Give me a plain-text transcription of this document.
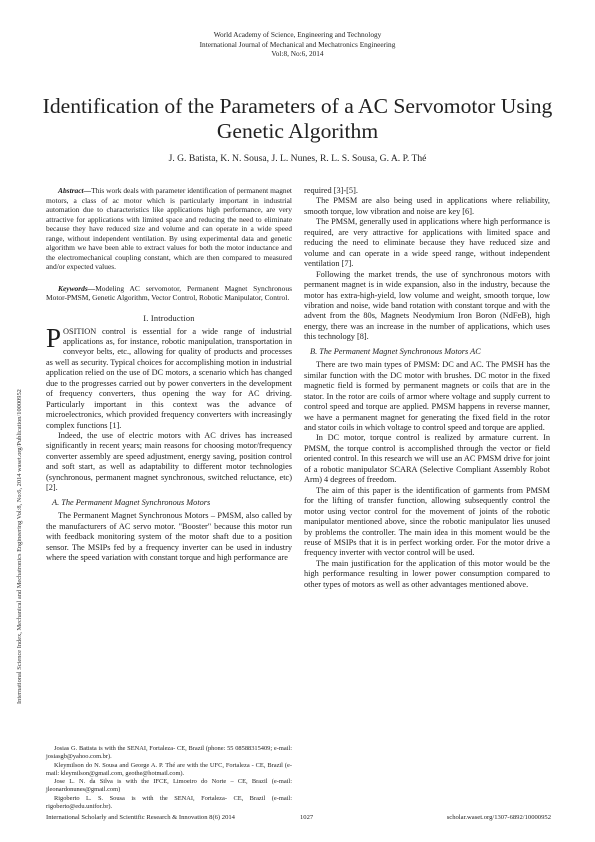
World Academy of Science, Engineering and Technology
International Journal of Mechanical and Mechatronics Engineering
Vol:8, No:6, 2014
Identification of the Parameters of a AC Servomotor Using Genetic Algorithm
J. G. Batista, K. N. Sousa, J. L. Nunes, R. L. S. Sousa, G. A. P. Thé
International Science Index, Mechanical and Mechatronics Engineering Vol:8, No:6, 2014 waset.org/Publication/10000952

Abstract—This work deals with parameter identification of permanent magnet motors, a class of ac motor which is particularly important in industrial automation due to characteristics like applications high performance, are very attractive for applications with limited space and reducing the need to eliminate because they have reduced size and volume and can operate in a wide speed range, without independent ventilation. By using experimental data and genetic algorithm we have been able to extract values for both the motor inductance and the electromechanical coupling constant, which are then compared to measured and/or expected values.

Keywords—Modeling AC servomotor, Permanent Magnet Synchronous Motor-PMSM, Genetic Algorithm, Vector Control, Robotic Manipulator, Control.

I. Introduction

POSITION control is essential for a wide range of industrial applications as, for instance, robotic manipulation, transportation in conveyor belts, etc., allowing for quality of products and processes as well as security. Typical choices for accomplishing motion in industrial application relied on the use of DC motors, a scenario which has changed due to the progresses carried out by power converters in the development of frequency converters, thus opening the way for AC driving. Particularly important in this context was the advance of microelectronics, which provided frequency converters with increasingly complex functions [1].

Indeed, the use of electric motors with AC drives has increased significantly in recent years; main reasons for choosing motor/frequency converter assembly are speed adjustment, energy saving, position control and soft start, as well as adaptability to different motor technologies (synchronous, permanent magnet synchronous, switched reluctance, etc) [2].

A. The Permanent Magnet Synchronous Motors

The Permanent Magnet Synchronous Motors – PMSM, also called by the manufacturers of AC servo motor. "Booster" because this motor run with feedback monitoring system of the motor shaft due to a position sensor. The MSIPs fed by a frequency inverter can be used in industry where the speed variation with constant torque and high performance are

Josias G. Batista is with the SENAI, Fortaleza- CE, Brazil (phone: 55 08588315409; e-mail: josiasgb@yahoo.com.br).

Kleymilson do N. Sousa and George A. P. Thé are with the UFC, Fortaleza - CE, Brazil (e-mail: kleymilson@gmail.com, geothe@hotmail.com).

Jose L. N. da Silva is with the IFCE, Limoeiro do Norte – CE, Brazil (e-mail: jleonardonunes@gmail.com)

Rigoberto L. S. Sousa is with the SENAI, Fortaleza- CE, Brazil (e-mail: rigoberto@edu.unifor.br).

required [3]-[5].

The PMSM are also being used in applications where reliability, smooth torque, low vibration and noise are key [6].

The PMSM, generally used in applications where high performance is required, are very attractive for applications with limited space and reducing the need to eliminate because they have reduced size and volume and can operate in a wide speed range, without independent ventilation [7].

Following the market trends, the use of synchronous motors with permanent magnet is in wide expansion, also in the industry, because the motor has extra-high-yield, low volume and weight, smooth torque, low vibration and noise, wide band rotation with constant torque and with the advent from the 80s, Magnets Neodymium Iron Boron (NdFeB), high energy, there was an increase in the number of applications, which uses this technology [8].

B. The Permanent Magnet Synchronous Motors AC

There are two main types of PMSM: DC and AC. The PMSH has the similar function with the DC motor with brushes. DC motor in the fixed magnetic field is formed by permanent magnets or coils that are in the stator. In the rotor are coils of armor where voltage and supply current to control speed and torque are applied. PMSM happens in reverse manner, we have a permanent magnet for generating the fixed field in the rotor and stator coils in which voltage to control speed and torque are applied.

In DC motor, torque control is realized by armature current. In PMSM, the torque control is accomplished through the vector or field oriented control. In this research we will use an AC PMSM drive for joint of a robotic manipulator SCARA (Selective Compliant Assembly Robot Arm) 4 degrees of freedom.

The aim of this paper is the identification of garments from PMSM for the lifting of transfer function, allowing subsequently control the motor using vector control for the movement of joints of the robotic manipulator mentioned above, since the robotic manipulator lies unused by problems the controller. The main idea in this moment would be the reuse of MSIPs that it is in perfect working order. For the motor drive a frequency inverter with vector control will be used.

The main justification for the application of this motor would be the high performance resulting in lower power consumption compared to other types of motors as well as other advantages mentioned above.

International Scholarly and Scientific Research & Innovation 8(6) 2014	1027	scholar.waset.org/1307-6892/10000952
